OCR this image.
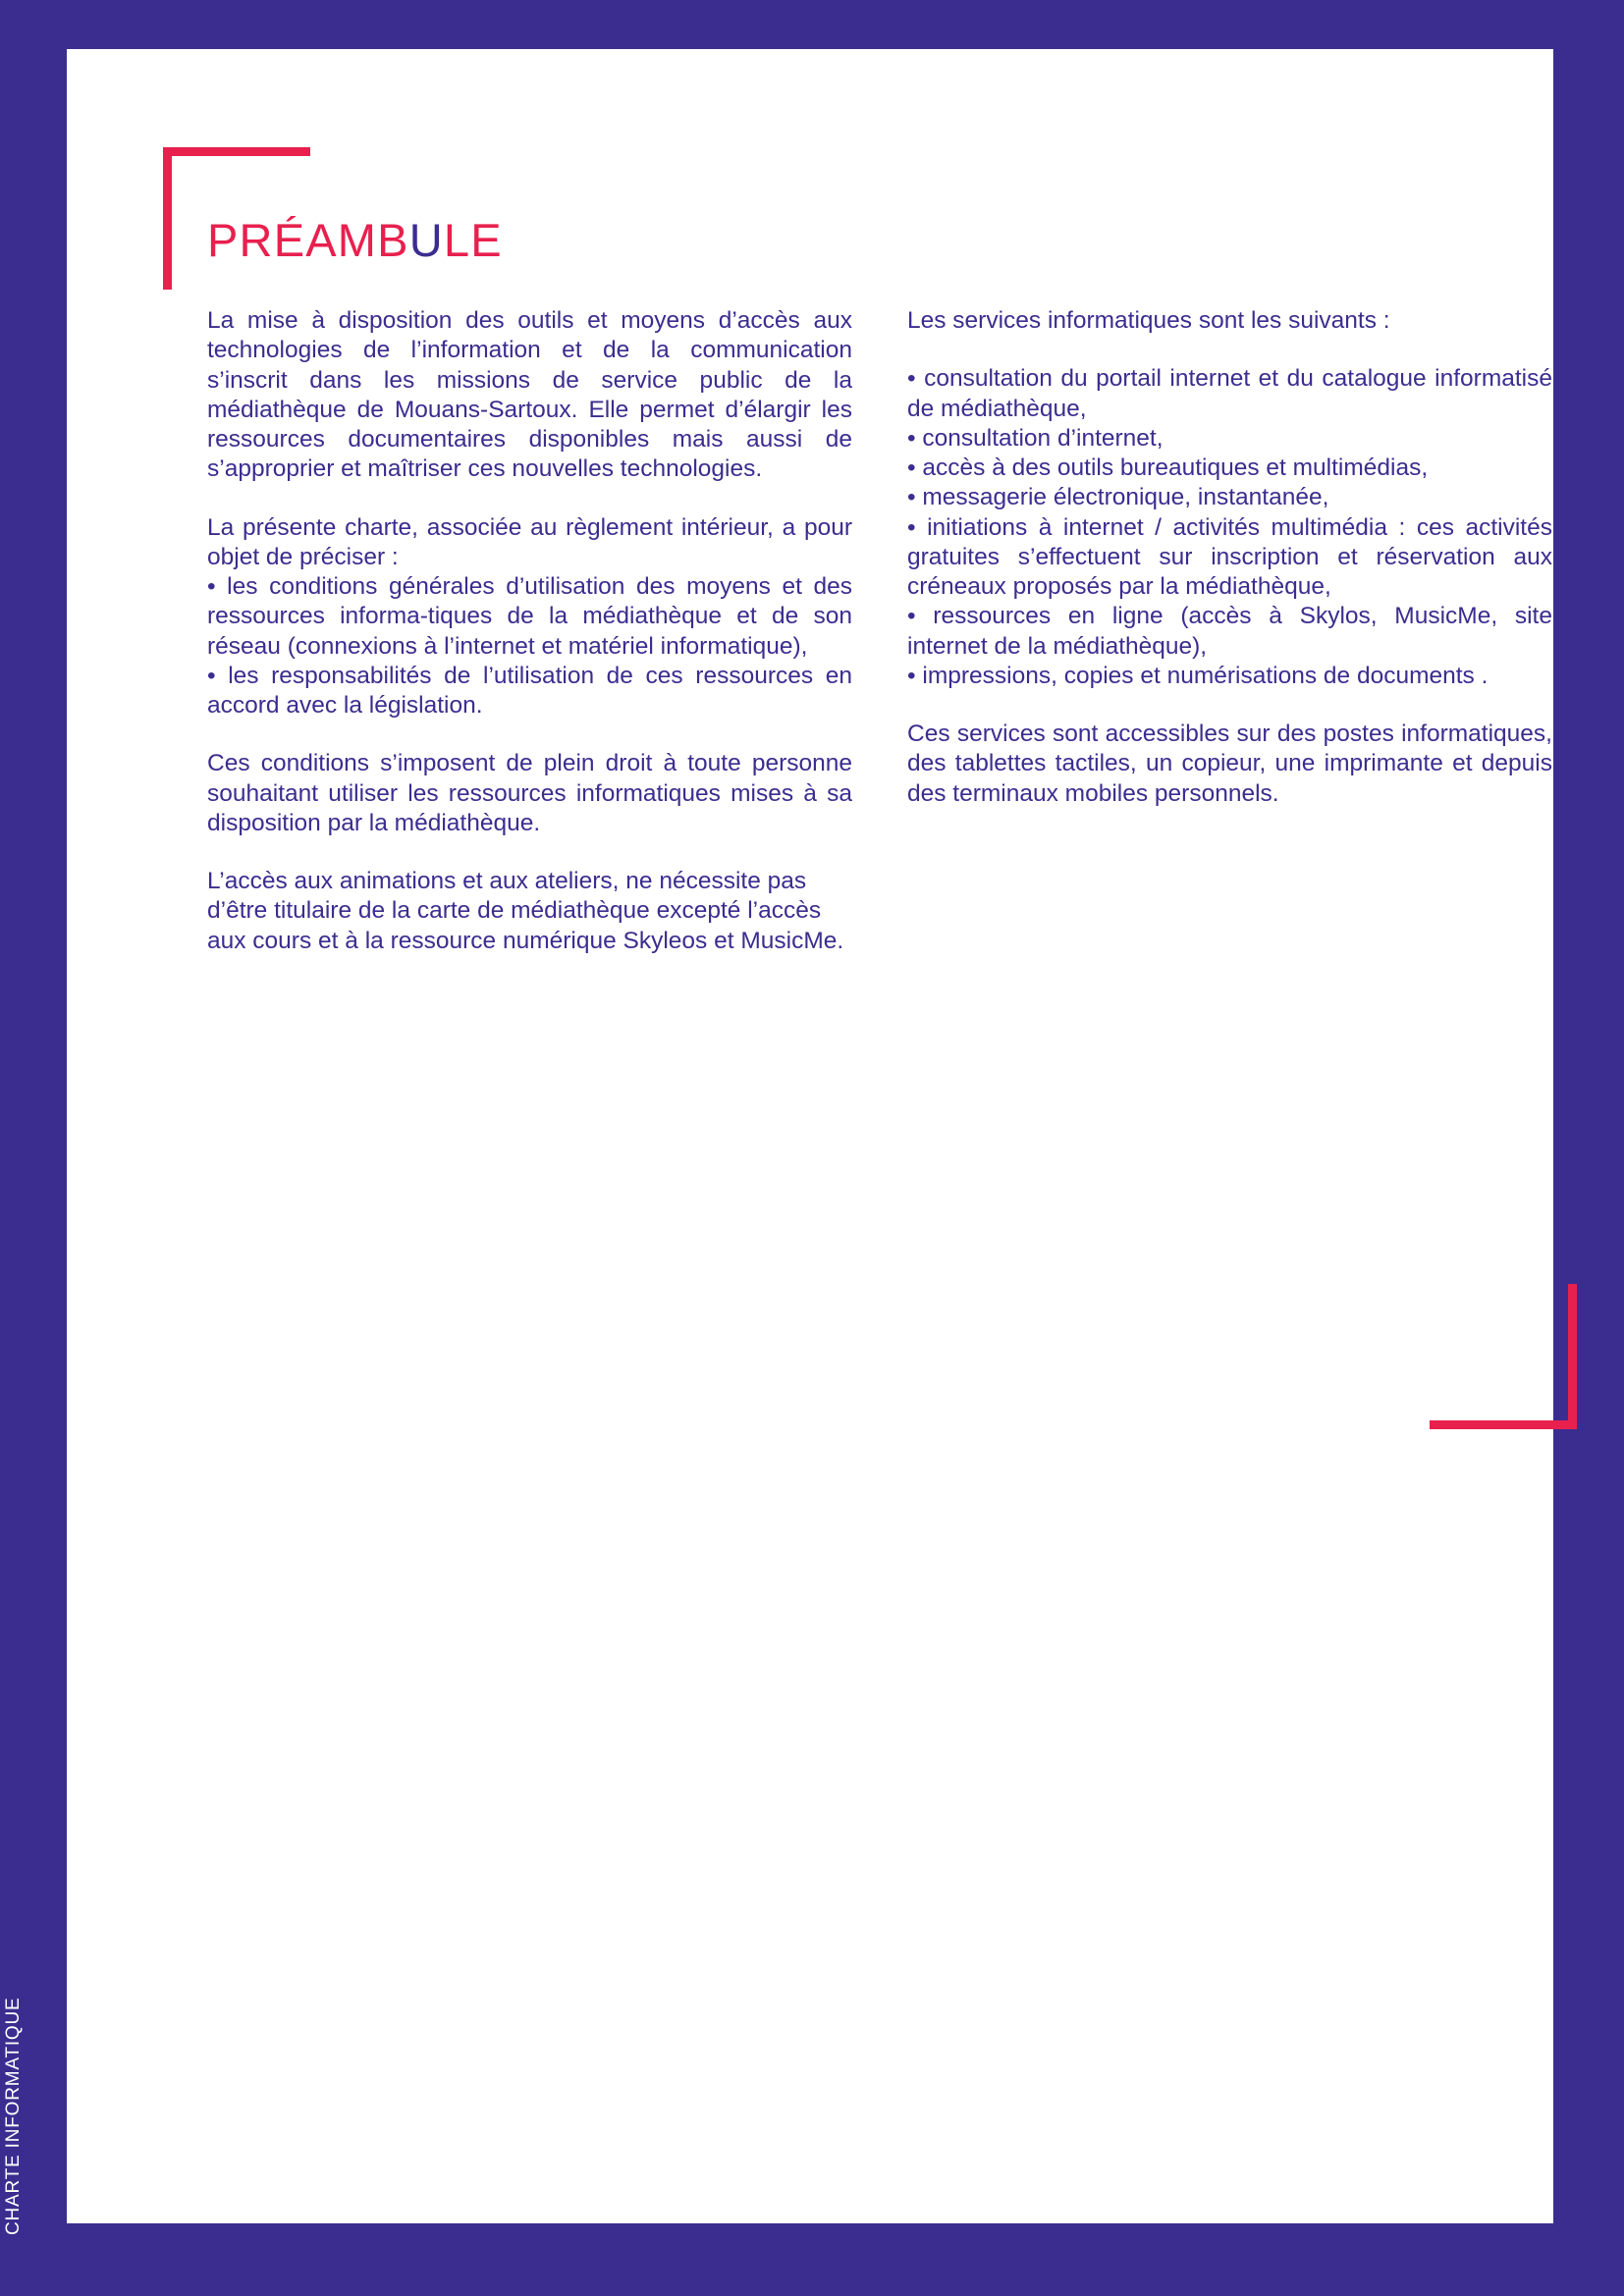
CHARTE INFORMATIQUE
PRÉAMBULE

La mise à disposition des outils et moyens d’accès aux technologies de l’information et de la communication s’inscrit dans les missions de service public de la médiathèque de Mouans-Sartoux. Elle permet d’élargir les ressources documentaires disponibles mais aussi de s’approprier et maîtriser ces nouvelles technologies.

La présente charte, associée au règlement intérieur, a pour objet de préciser :

• les conditions générales d’utilisation des moyens et des ressources informa-tiques de la médiathèque et de son réseau (connexions à l’internet et matériel informatique),

• les responsabilités de l’utilisation de ces ressources en accord avec la législation.

Ces conditions s’imposent de plein droit à toute personne souhaitant utiliser les ressources informatiques mises à sa disposition par la médiathèque.

L’accès aux animations et aux ateliers, ne nécessite pas d’être titulaire de la carte de médiathèque excepté l’accès aux cours et à la ressource numérique Skyleos et MusicMe.

Les services informatiques sont les suivants :

• consultation du portail internet et du catalogue informatisé de médiathèque,

• consultation d’internet,

• accès à des outils bureautiques et multimédias,

• messagerie électronique, instantanée,

• initiations à internet / activités multimédia : ces activités gratuites s’effectuent sur inscription et réservation aux créneaux proposés par la médiathèque,

• ressources en ligne (accès à Skylos, MusicMe, site internet de la médiathèque),

• impressions, copies et numérisations de documents .

Ces services sont accessibles sur des postes informatiques, des tablettes tactiles, un copieur, une imprimante et depuis des terminaux mobiles personnels.
